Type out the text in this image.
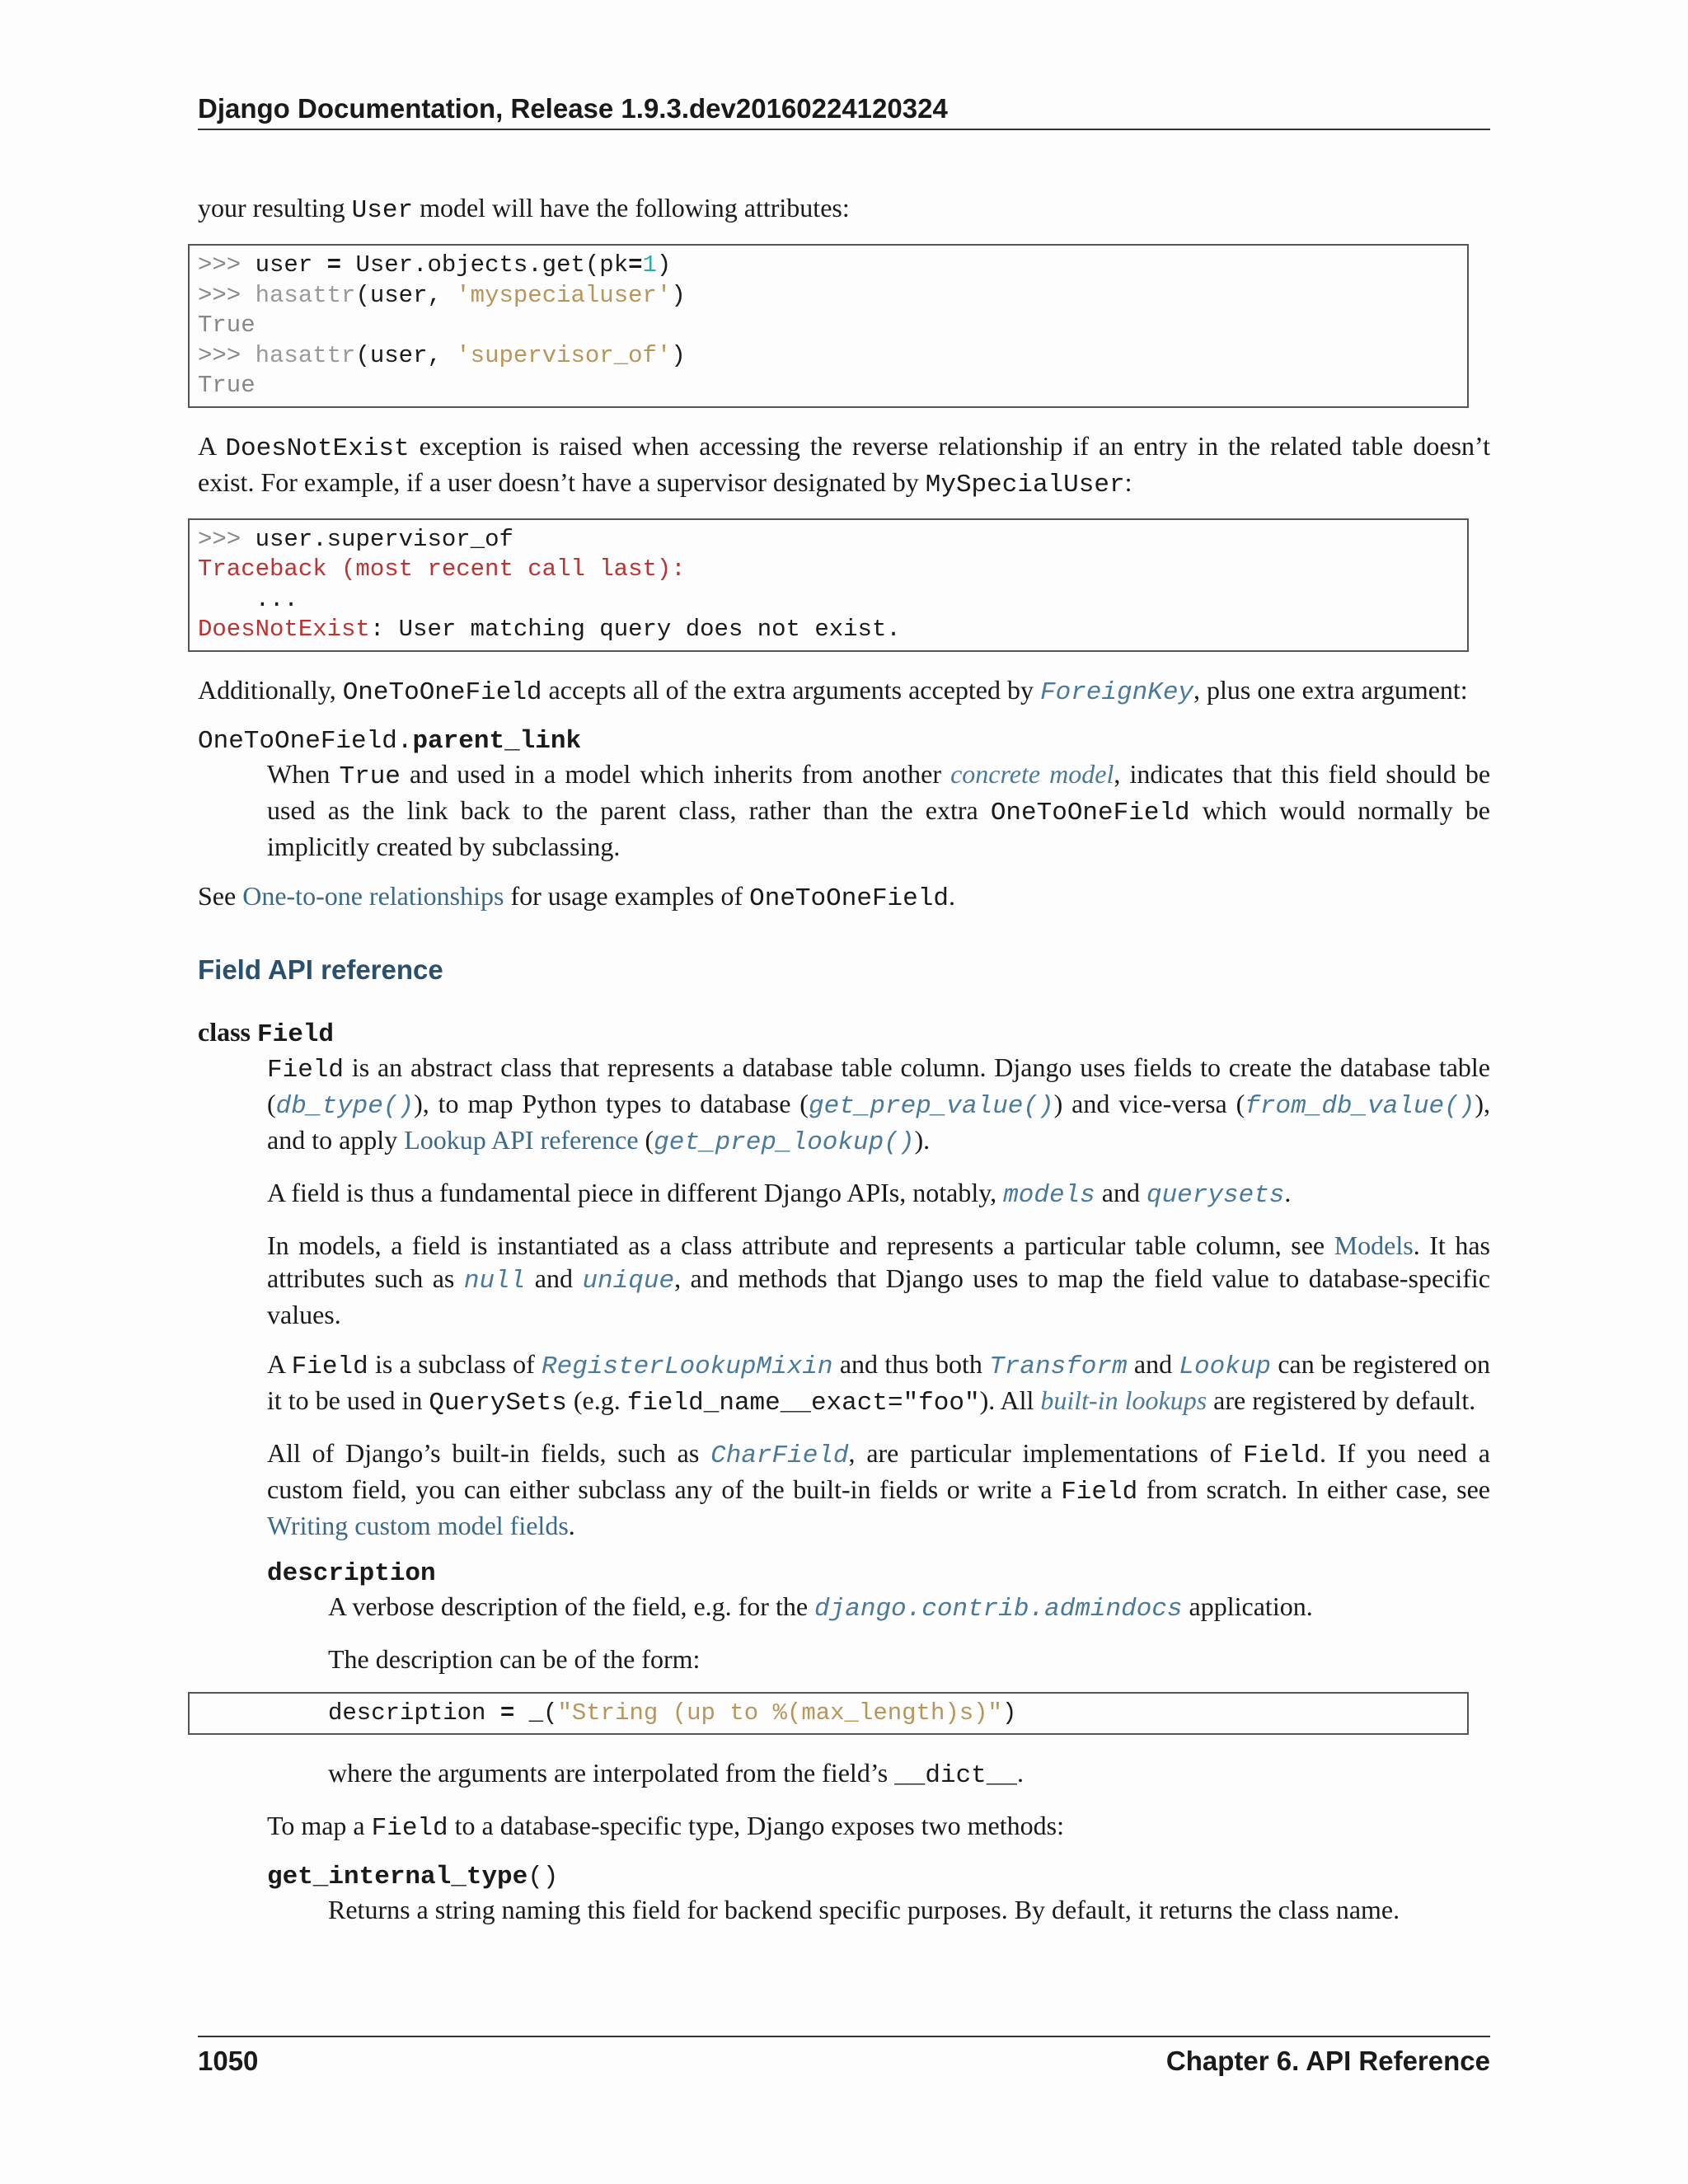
Django Documentation, Release 1.9.3.dev20160224120324

your resulting User model will have the following attributes:

>>> user = User.objects.get(pk=1)
>>> hasattr(user, 'myspecialuser')
True
>>> hasattr(user, 'supervisor_of')
True

A DoesNotExist exception is raised when accessing the reverse relationship if an entry in the related table doesn’t exist. For example, if a user doesn’t have a supervisor designated by MySpecialUser:

>>> user.supervisor_of
Traceback (most recent call last):
...
DoesNotExist: User matching query does not exist.

Additionally, OneToOneField accepts all of the extra arguments accepted by ForeignKey, plus one extra argument:

OneToOneField.parent_link

When True and used in a model which inherits from another concrete model, indicates that this field should be used as the link back to the parent class, rather than the extra OneToOneField which would normally be implicitly created by subclassing.

See One-to-one relationships for usage examples of OneToOneField.

Field API reference
class Field

Field is an abstract class that represents a database table column. Django uses fields to create the database table (db_type()), to map Python types to database (get_prep_value()) and vice-versa (from_db_value()), and to apply Lookup API reference (get_prep_lookup()).

A field is thus a fundamental piece in different Django APIs, notably, models and querysets.

In models, a field is instantiated as a class attribute and represents a particular table column, see Models. It has attributes such as null and unique, and methods that Django uses to map the field value to database-specific values.

A Field is a subclass of RegisterLookupMixin and thus both Transform and Lookup can be registered on it to be used in QuerySets (e.g. field_name__exact="foo"). All built-in lookups are registered by default.

All of Django’s built-in fields, such as CharField, are particular implementations of Field. If you need a custom field, you can either subclass any of the built-in fields or write a Field from scratch. In either case, see Writing custom model fields.

description

A verbose description of the field, e.g. for the django.contrib.admindocs application.

The description can be of the form:

description = _("String (up to %(max_length)s)")

where the arguments are interpolated from the field’s __dict__.

To map a Field to a database-specific type, Django exposes two methods:

get_internal_type()

Returns a string naming this field for backend specific purposes. By default, it returns the class name.

1050	Chapter 6. API Reference
